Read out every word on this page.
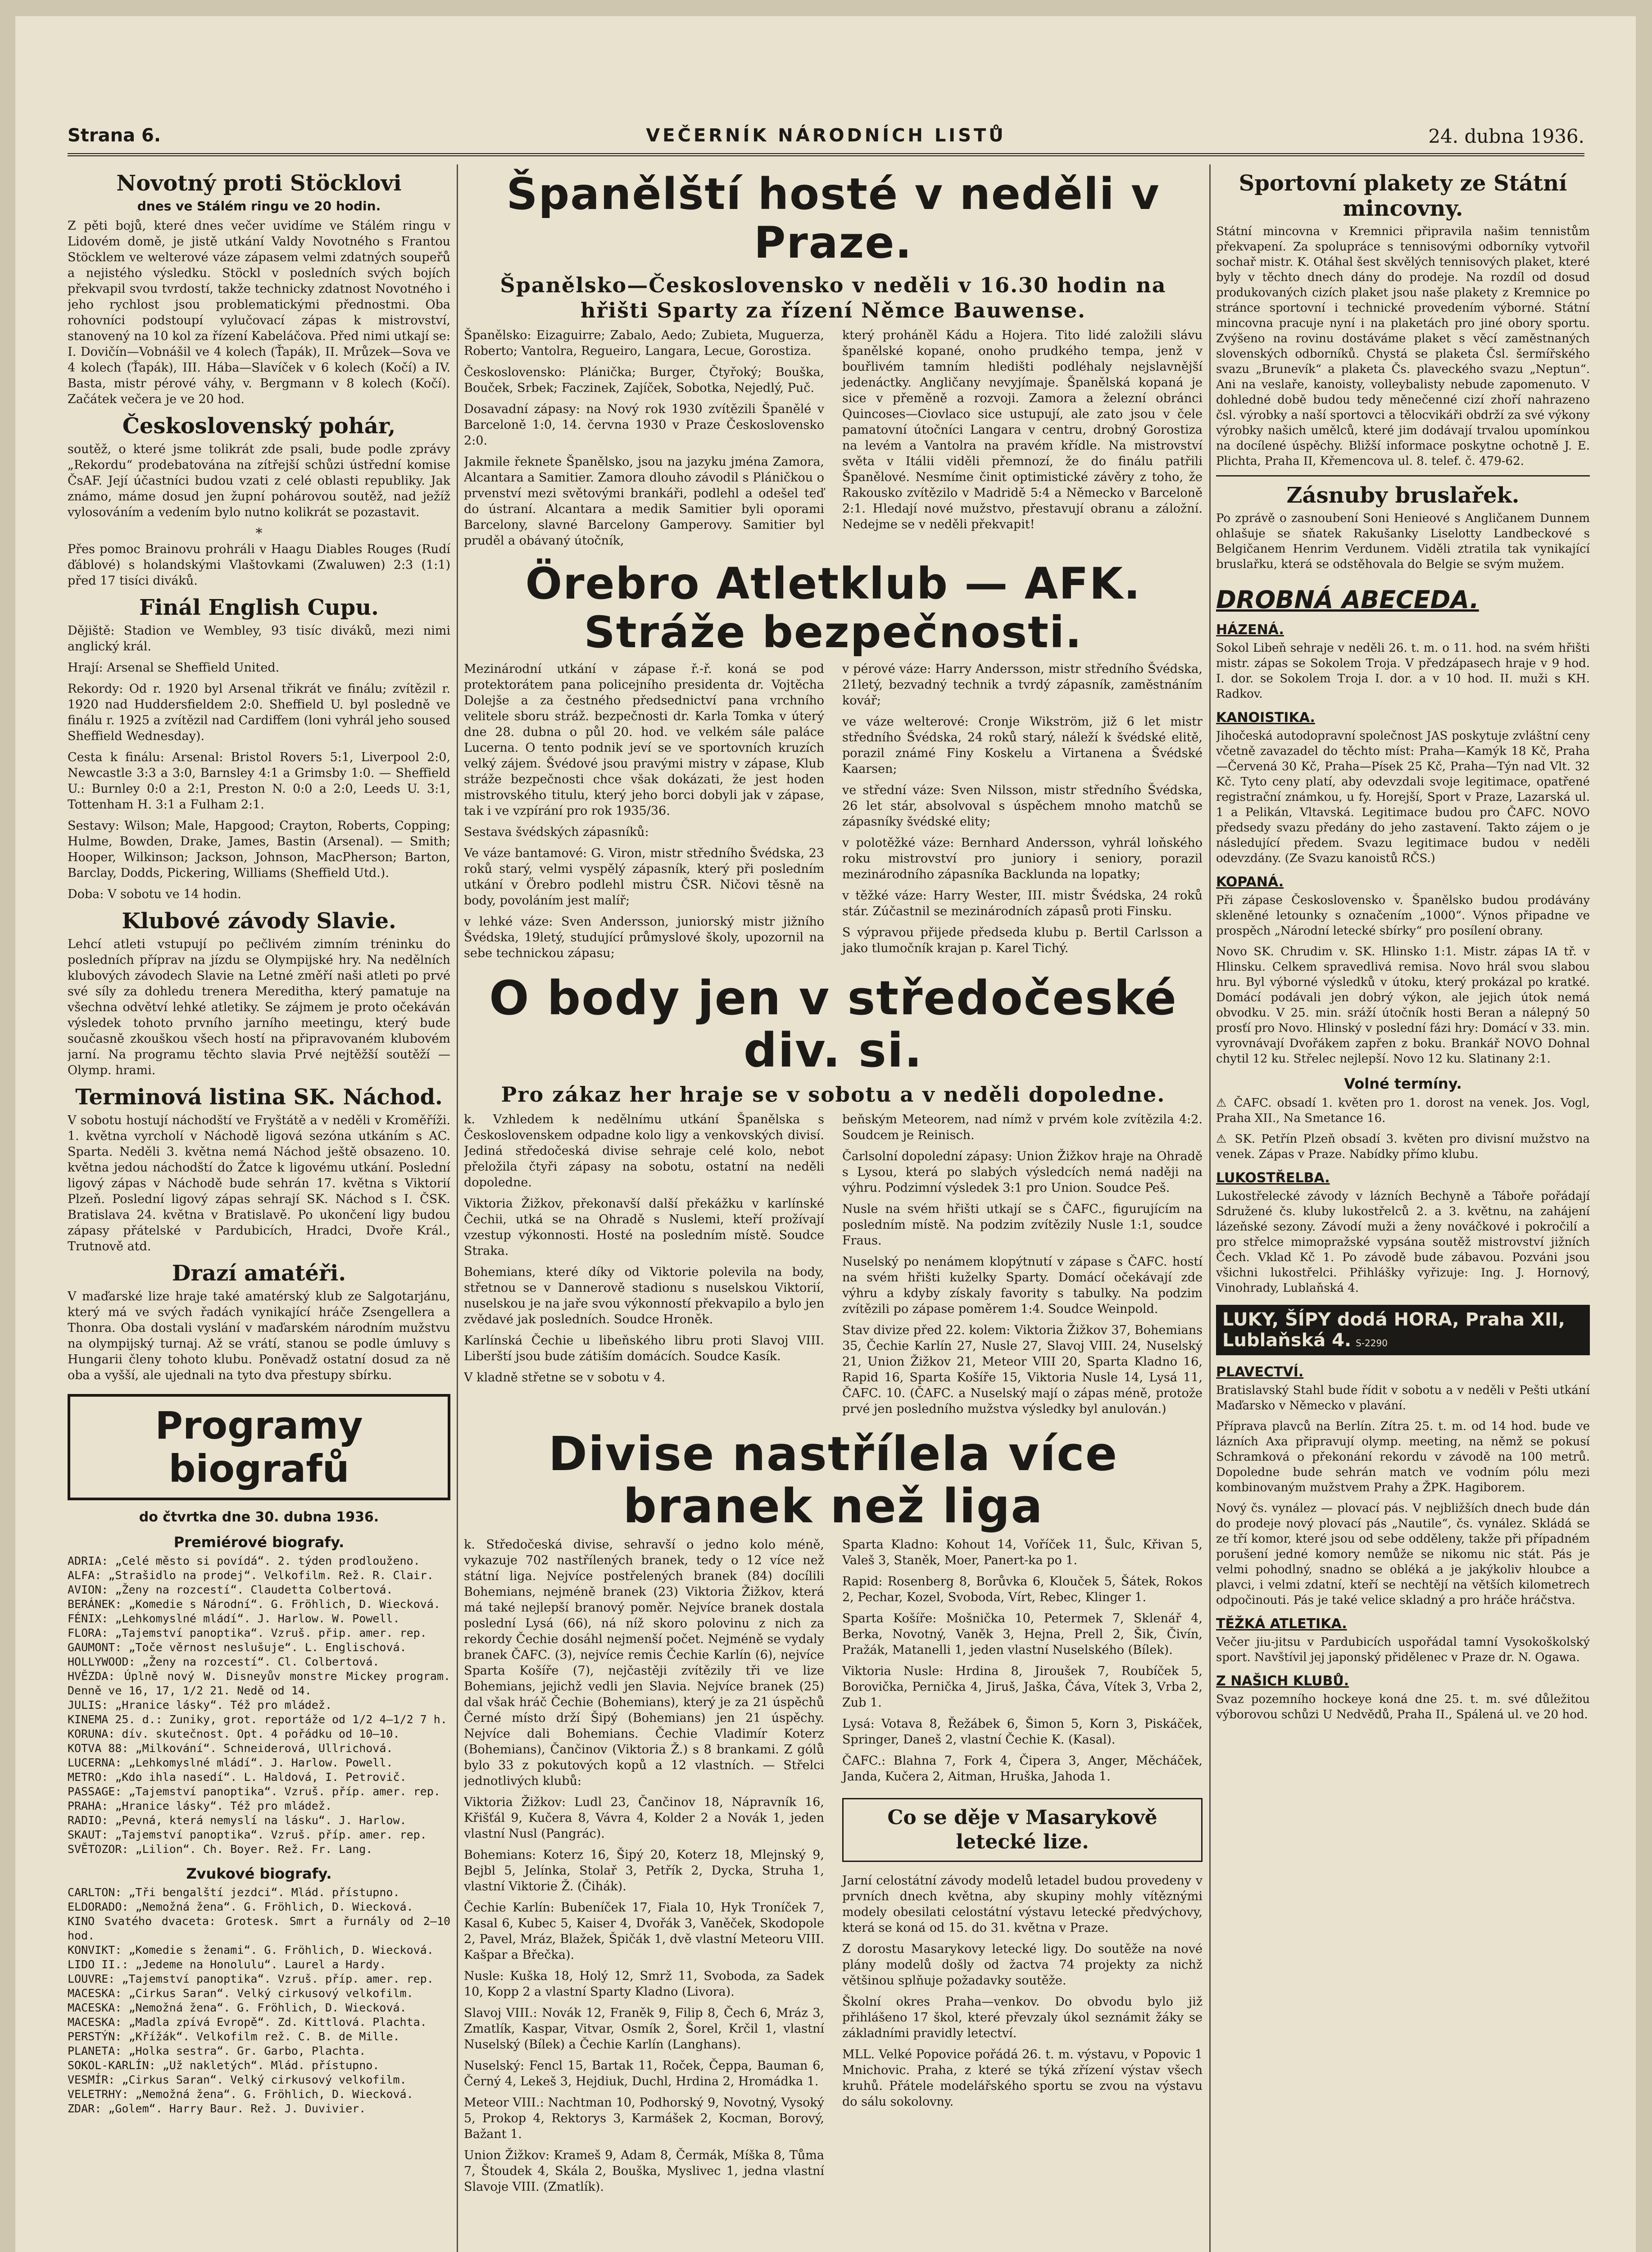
Strana 6.	VEČERNÍK NÁRODNÍCH LISTŮ	24. dubna 1936.
Novotný proti Stöcklovi
dnes ve Stálém ringu ve 20 hodin.

Z pěti bojů, které dnes večer uvidíme ve Stálém ringu v Lidovém domě, je jistě utkání Valdy Novotného s Frantou Stöcklem ve welterové váze zápasem velmi zdatných soupeřů a nejistého výsledku. Stöckl v posledních svých bojích překvapil svou tvrdostí, takže technicky zdatnost Novotného i jeho rychlost jsou problematickými přednostmi. Oba rohovníci podstoupí vylučovací zápas k mistrovství, stanovený na 10 kol za řízení Kabeláčova. Před nimi utkají se: I. Dovičín—Vobnášil ve 4 kolech (Ťapák), II. Mrůzek—Sova ve 4 kolech (Ťapák), III. Hába—Slavíček v 6 kolech (Kočí) a IV. Basta, mistr pérové váhy, v. Bergmann v 8 kolech (Kočí). Začátek večera je ve 20 hod.

Československý pohár,

soutěž, o které jsme tolikrát zde psali, bude podle zprávy „Rekordu“ prodebatována na zítřejší schůzi ústřední komise ČsAF. Její účastníci budou vzati z celé oblasti republiky. Jak známo, máme dosud jen župní pohárovou soutěž, nad ježíž vylosováním a vedením bylo nutno kolikrát se pozastavit.

*

Přes pomoc Brainovu prohráli v Haagu Diables Rouges (Rudí ďáblové) s holandskými Vlaštovkami (Zwaluwen) 2:3 (1:1) před 17 tisíci diváků.

Finál English Cupu.

Dějiště: Stadion ve Wembley, 93 tisíc diváků, mezi nimi anglický král.

Hrají: Arsenal se Sheffield United.

Rekordy: Od r. 1920 byl Arsenal třikrát ve finálu; zvítězil r. 1920 nad Huddersfieldem 2:0. Sheffield U. byl posledně ve finálu r. 1925 a zvítězil nad Cardiffem (loni vyhrál jeho soused Sheffield Wednesday).

Cesta k finálu: Arsenal: Bristol Rovers 5:1, Liverpool 2:0, Newcastle 3:3 a 3:0, Barnsley 4:1 a Grimsby 1:0. — Sheffield U.: Burnley 0:0 a 2:1, Preston N. 0:0 a 2:0, Leeds U. 3:1, Tottenham H. 3:1 a Fulham 2:1.

Sestavy: Wilson; Male, Hapgood; Crayton, Roberts, Copping; Hulme, Bowden, Drake, James, Bastin (Arsenal). — Smith; Hooper, Wilkinson; Jackson, Johnson, MacPherson; Barton, Barclay, Dodds, Pickering, Williams (Sheffield Utd.).

Doba: V sobotu ve 14 hodin.

Klubové závody Slavie.

Lehcí atleti vstupují po pečlivém zimním tréninku do posledních příprav na jízdu se Olympijské hry. Na nedělních klubových závodech Slavie na Letné změří naši atleti po prvé své síly za dohledu trenera Meredithа, který pamatuje na všechna odvětví lehké atletiky. Se zájmem je proto očekáván výsledek tohoto prvního jarního meetingu, který bude současně zkouškou všech hostí na připravovaném klubovém jarní. Na programu těchto slavia Prvé nejtěžší soutěží — Olymp. hrami.

Terminová listina SK. Náchod.

V sobotu hostují náchodští ve Fryštátě a v neděli v Kroměříži. 1. května vyrcholí v Náchodě ligová sezóna utkáním s AC. Sparta. Neděli 3. května nemá Náchod ještě obsazeno. 10. května jedou náchodští do Žatce k ligovému utkání. Poslední ligový zápas v Náchodě bude sehrán 17. května s Viktorií Plzeň. Poslední ligový zápas sehrají SK. Náchod s I. ČSK. Bratislava 24. května v Bratislavě. Po ukončení ligy budou zápasy přátelské v Pardubicích, Hradci, Dvoře Král., Trutnově atd.

Drazí amatéři.

V maďarské lize hraje také amatérský klub ze Salgotarjánu, který má ve svých řadách vynikající hráče Zsengellera a Thonra. Oba dostali vyslání v maďarském národním mužstvu na olympijský turnaj. Až se vrátí, stanou se podle úmluvy s Hungarii členy tohoto klubu. Poněvadž ostatní dosud za ně oba a vyšší, ale ujednali na tyto dva přestupy sbírku.

Programy biografů
do čtvrtka dne 30. dubna 1936.
Premiérové biografy.

ADRIA: „Celé město si povídá“. 2. týden prodlouženo.

ALFA: „Strašidlo na prodej“. Velkofilm. Rež. R. Clair.

AVION: „Ženy na rozcestí“. Claudetta Colbertová.

BERÁNEK: „Komedie s Národní“. G. Fröhlich, D. Wiecková.

FÉNIX: „Lehkomyslné mládí“. J. Harlow. W. Powell.

FLORA: „Tajemství panoptika“. Vzruš. přip. amer. rep.

GAUMONT: „Toče věrnost neslušuje“. L. Englischová.

HOLLYWOOD: „Ženy na rozcestí“. Cl. Colbertová.

HVĚZDA: Úplně nový W. Disneyův monstre Mickey program. Denně ve 16, 17, 1/2 21. Nedě od 14.

JULIS: „Hranice lásky“. Též pro mládež.

KINEMA 25. d.: Zuniky, grot. reportáže od 1/2 4—1/2 7 h.

KORUNA: dív. skutečnost. Opt. 4 pořádku od 10—10.

KOTVA 88: „Milkování“. Schneiderová, Ullrichová.

LUCERNA: „Lehkomyslné mládí“. J. Harlow. Powell.

METRO: „Kdo ihla nasedí“. L. Haldová, I. Petrovič.

PASSAGE: „Tajemství panoptika“. Vzruš. příp. amer. rep.

PRAHA: „Hranice lásky“. Též pro mládež.

RADIO: „Pevná, která nemyslí na lásku“. J. Harlow.

SKAUT: „Tajemství panoptika“. Vzruš. příp. amer. rep.

SVĚTOZOR: „Lilion“. Ch. Boyer. Rež. Fr. Lang.

Zvukové biografy.

CARLTON: „Tři bengalští jezdci“. Mlád. přístupno.

ELDORADO: „Nemožná žena“. G. Fröhlich, D. Wiecková.

KINO Svatého dvaceta: Grotesk. Smrt a řurnály od 2—10 hod.

KONVIKT: „Komedie s ženami“. G. Fröhlich, D. Wiecková.

LIDO II.: „Jedeme na Honolulu“. Laurel a Hardy.

LOUVRE: „Tajemství panoptika“. Vzruš. příp. amer. rep.

MACESKA: „Cirkus Saran“. Velký cirkusový velkofilm.

MACESKA: „Nemožná žena“. G. Fröhlich, D. Wiecková.

MACESKA: „Madla zpívá Evropě“. Zd. Kittlová. Plachta.

PERSTÝN: „Křížák“. Velkofilm rež. C. B. de Mille.

PLANETA: „Holka sestra“. Gr. Garbo, Plachta.

SOKOL-KARLÍN: „Už nakletých“. Mlád. přístupno.

VESMÍR: „Cirkus Saran“. Velký cirkusový velkofilm.

VELETRHY: „Nemožná žena“. G. Fröhlich, D. Wiecková.

ZDAR: „Golem“. Harry Baur. Rež. J. Duvivier.

Španělští hosté v neděli v Praze.
Španělsko—Československo v neděli v 16.30 hodin na hřišti Sparty za řízení Němce Bauwense.

Španělsko: Eizaguirre; Zabalo, Aedo; Zubieta, Muguerza, Roberto; Vantolra, Regueiro, Langara, Lecue, Gorostiza.

Československo: Plánička; Burger, Čtyřoký; Bouška, Bouček, Srbek; Faczinek, Zajíček, Sobotka, Nejedlý, Puč.

Dosavadní zápasy: na Nový rok 1930 zvítězili Španělé v Barceloně 1:0, 14. června 1930 v Praze Československo 2:0.

Jakmile řeknete Španělsko, jsou na jazyku jména Zamora, Alcantara a Samitier. Zamora dlouho závodil s Pláničkou o prvenství mezi světovými brankáři, podlehl a odešel teď do ústraní. Alcantara a medik Samitier byli oporami Barcelony, slavné Barcelony Gamperovy. Samitier byl pruděl a obávaný útočník,

který proháněl Kádu a Hojera. Tito lidé založili slávu španělské kopané, onoho prudkého tempa, jenž v bouřlivém tamním hledišti podléhaly nejslavnější jedenáctky. Angličany nevyjímaje. Španělská kopaná je sice v přeměně a rozvoji. Zamora a železní obránci Quincoses—Ciovlaco sice ustupují, ale zato jsou v čele pamatovní útočníci Langara v centru, drobný Gorostiza na levém a Vantolra na pravém křídle. Na mistrovství světa v Itálii viděli přemnozí, že do finálu patřili Španělové. Nesmíme činit optimistické závěry z toho, že Rakousko zvítězilo v Madridě 5:4 a Německo v Barceloně 2:1. Hledají nové mužstvo, přestavují obranu a záložní. Nedejme se v neděli překvapit!

Örebro Atletklub — AFK. Stráže bezpečnosti.

Mezinárodní utkání v zápase ř.-ř. koná se pod protektorátem pana policejního presidenta dr. Vojtěcha Dolejše a za čestného předsednictví pana vrchního velitele sboru stráž. bezpečnosti dr. Karla Tomka v úterý dne 28. dubna o půl 20. hod. ve velkém sále paláce Lucerna. O tento podnik jeví se ve sportovních kruzích velký zájem. Švédové jsou pravými mistry v zápase, Klub stráže bezpečnosti chce však dokázati, že jest hoden mistrovského titulu, který jeho borci dobyli jak v zápase, tak i ve vzpírání pro rok 1935/36.

Sestava švédských zápasníků:

Ve váze bantamové: G. Viron, mistr středního Švédska, 23 roků starý, velmi vyspělý zápasník, který při posledním utkání v Örebro podlehl mistru ČSR. Ničovi těsně na body, povoláním jest malíř;

v lehké váze: Sven Andersson, juniorský mistr jižního Švédska, 19letý, studující průmyslové školy, upozornil na sebe technickou zápasu;

v pérové váze: Harry Andersson, mistr středního Švédska, 21letý, bezvadný technik a tvrdý zápasník, zaměstnáním kovář;

ve váze welterové: Cronje Wikström, již 6 let mistr středního Švédska, 24 roků starý, náleží k švédské elitě, porazil známé Finy Koskelu a Virtanena a Švédské Kaarsen;

ve střední váze: Sven Nilsson, mistr středního Švédska, 26 let stár, absolvoval s úspěchem mnoho matchů se zápasníky švédské elity;

v polotěžké váze: Bernhard Andersson, vyhrál loňského roku mistrovství pro juniory i seniory, porazil mezinárodního zápasníka Backlunda na lopatky;

v těžké váze: Harry Wester, III. mistr Švédska, 24 roků stár. Zúčastnil se mezinárodních zápasů proti Finsku.

S výpravou přijede předseda klubu p. Bertil Carlsson a jako tlumočník krajan p. Karel Tichý.

O body jen v středočeské div. si.
Pro zákaz her hraje se v sobotu a v neděli dopoledne.

k. Vzhledem k nedělnímu utkání Španělska s Československem odpadne kolo ligy a venkovských divisí. Jediná středočeská divise sehraje celé kolo, nebot přeložila čtyři zápasy na sobotu, ostatní na neděli dopoledne.

Viktoria Žižkov, překonavší další překážku v karlínské Čechii, utká se na Ohradě s Nuslemi, kteří prožívají vzestup výkonnosti. Hosté na posledním místě. Soudce Straka.

Bohemians, které díky od Viktorie polevila na body, střetnou se v Dannerově stadionu s nuselskou Viktorií, nuselskou je na jaře svou výkonností překvapilo a bylo jen zvědavé jak posledních. Soudce Hroněk.

Karlínská Čechie u libeňského libru proti Slavoj VIII. Liberští jsou bude zátiším domácích. Soudce Kasík.

V kladně střetne se v sobotu v 4.

beňským Meteorem, nad nímž v prvém kole zvítězila 4:2. Soudcem je Reinisch.

Čarlsolní dopolední zápasy: Union Žižkov hraje na Ohradě s Lysou, která po slabých výsledcích nemá naději na výhru. Podzimní výsledek 3:1 pro Union. Soudce Peš.

Nusle na svém hřišti utkají se s ČAFC., figurujícím na posledním místě. Na podzim zvítězily Nusle 1:1, soudce Fraus.

Nuselský po nenámem klopýtnutí v zápase s ČAFC. hostí na svém hřišti kuželky Sparty. Domácí očekávají zde výhru a kdyby získaly favority s tabulky. Na podzim zvítězili po zápase poměrem 1:4. Soudce Weinpold.

Stav divize před 22. kolem: Viktoria Žižkov 37, Bohemians 35, Čechie Karlín 27, Nusle 27, Slavoj VIII. 24, Nuselský 21, Union Žižkov 21, Meteor VIII 20, Sparta Kladno 16, Rapid 16, Sparta Košíře 15, Viktoria Nusle 14, Lysá 11, ČAFC. 10. (ČAFC. a Nuselský mají o zápas méně, protože prvé jen posledního mužstva výsledky byl anulován.)

Divise nastřílela více branek než liga

k. Středočeská divise, sehravší o jedno kolo méně, vykazuje 702 nastřílených branek, tedy o 12 více než státní liga. Nejvíce postřelených branek (84) docílili Bohemians, nejméně branek (23) Viktoria Žižkov, která má také nejlepší branový poměr. Nejvíce branek dostala poslední Lysá (66), ná níž skoro polovinu z nich za rekordy Čechie dosáhl nejmenší počet. Nejméně se vydaly branek ČAFC. (3), nejvíce remis Čechie Karlín (6), nejvíce Sparta Košíře (7), nejčastěji zvítězily tři ve lize Bohemians, jejichž vedli jen Slavia. Nejvíce branek (25) dal však hráč Čechie (Bohemians), který je za 21 úspěchů Černé místo drží Šipý (Bohemians) jen 21 úspěchy. Nejvíce dali Bohemians. Čechie Vladimír Koterz (Bohemians), Čančinov (Viktoria Ž.) s 8 brankami. Z gólů bylo 33 z pokutových kopů a 12 vlastních. — Střelci jednotlivých klubů:

Viktoria Žižkov: Ludl 23, Čančinov 18, Nápravník 16, Křišťál 9, Kučera 8, Vávra 4, Kolder 2 a Novák 1, jeden vlastní Nusl (Pangrác).

Bohemians: Koterz 16, Šipý 20, Koterz 18, Mlejnský 9, Bejbl 5, Jelínka, Stolař 3, Petřík 2, Dycka, Struha 1, vlastní Viktorie Ž. (Čihák).

Čechie Karlín: Bubeníček 17, Fiala 10, Hyk Troníček 7, Kasal 6, Kubec 5, Kaiser 4, Dvořák 3, Vaněček, Skodopole 2, Pavel, Mráz, Blažek, Špičák 1, dvě vlastní Meteoru VIII. Kašpar a Břečka).

Nusle: Kuška 18, Holý 12, Smrž 11, Svoboda, za Sadek 10, Kopp 2 a vlastní Sparty Kladno (Livora).

Slavoj VIII.: Novák 12, Franěk 9, Filip 8, Čech 6, Mráz 3, Zmatlík, Kaspar, Vitvar, Osmík 2, Šorel, Krčil 1, vlastní Nuselský (Bílek) a Čechie Karlín (Langhans).

Nuselský: Fencl 15, Bartak 11, Roček, Čeppa, Bauman 6, Černý 4, Lekeš 3, Hejdiuk, Duchl, Hrdina 2, Hromádka 1.

Meteor VIII.: Nachtman 10, Podhorský 9, Novotný, Vysoký 5, Prokop 4, Rektorys 3, Karmášek 2, Kocman, Borový, Bažant 1.

Union Žižkov: Krameš 9, Adam 8, Čermák, Míška 8, Tůma 7, Štoudek 4, Skála 2, Bouška, Myslivec 1, jedna vlastní Slavoje VIII. (Zmatlík).

Sparta Kladno: Kohout 14, Voříček 11, Šulc, Křivan 5, Valeš 3, Staněk, Moer, Panert-ka po 1.

Rapid: Rosenberg 8, Borůvka 6, Klouček 5, Šátek, Rokos 2, Pechar, Kozel, Svoboda, Vírt, Rebec, Klinger 1.

Sparta Košíře: Mošnička 10, Petermek 7, Sklenář 4, Berka, Novotný, Vaněk 3, Hejna, Prell 2, Šik, Čivín, Pražák, Matanelli 1, jeden vlastní Nuselského (Bílek).

Viktoria Nusle: Hrdina 8, Jiroušek 7, Roubíček 5, Borovička, Pernička 4, Jiruš, Jaška, Čáva, Vítek 3, Vrba 2, Zub 1.

Lysá: Votava 8, Řežábek 6, Šimon 5, Korn 3, Piskáček, Springer, Daneš 2, vlastní Čechie K. (Kasal).

ČAFC.: Blahna 7, Fork 4, Čipera 3, Anger, Měcháček, Janda, Kučera 2, Aitman, Hruška, Jahoda 1.

Co se děje v Masarykově letecké lize.

Jarní celostátní závody modelů letadel budou provedeny v prvních dnech května, aby skupiny mohly vítěznými modely obesilati celostátní výstavu letecké předvýchovy, která se koná od 15. do 31. května v Praze.

Z dorostu Masarykovy letecké ligy. Do soutěže na nové plány modelů došly od žactva 74 projekty za nichž většinou splňuje požadavky soutěže.

Školní okres Praha—venkov. Do obvodu bylo již přihlášeno 17 škol, které převzaly úkol seznámit žáky se základními pravidly letectví.

MLL. Velké Popovice pořádá 26. t. m. výstavu, v Popovic 1 Mnichovic. Praha, z které se týká zřízení výstav všech kruhů. Přátele modelářského sportu se zvou na výstavu do sálu sokolovny.

Sportovní plakety ze Státní mincovny.

Státní mincovna v Kremnici připravila našim tennistům překvapení. Za spolupráce s tennisovými odborníky vytvořil sochař mistr. K. Otáhal šest skvělých tennisových plaket, které byly v těchto dnech dány do prodeje. Na rozdíl od dosud produkovaných cizích plaket jsou naše plakety z Kremnice po stránce sportovní i technické provedením výborné. Státní mincovna pracuje nyní i na plaketách pro jiné obory sportu. Zvýšeno na rovinu dostáváme plaket s věcí zaměstnaných slovenských odborníků. Chystá se plaketa Čsl. šermířského svazu „Brunevík“ a plaketa Čs. plaveckého svazu „Neptun“. Ani na veslaře, kanoisty, volleybalisty nebude zapomenuto. V dohledné době budou tedy měnečenné cizí zhoří nahrazeno čsl. výrobky a naší sportovci a tělocvikáři obdrží za své výkony výrobky našich umělců, které jim dodávají trvalou upomínkou na docílené úspěchy. Bližší informace poskytne ochotně J. E. Plichta, Praha II, Křemencova ul. 8. telef. č. 479-62.

Zásnuby bruslařek.

Po zprávě o zasnoubení Soni Henieové s Angličanem Dunnem ohlašuje se sňatek Rakušanky Liselotty Landbeckové s Belgičanem Henrim Verdunem. Viděli ztratila tak vynikající bruslařku, která se odstěhovala do Belgie se svým mužem.

DROBNÁ ABECEDA.
HÁZENÁ.

Sokol Libeň sehraje v neděli 26. t. m. o 11. hod. na svém hřišti mistr. zápas se Sokolem Troja. V předzápasech hraje v 9 hod. I. dor. se Sokolem Troja I. dor. a v 10 hod. II. muži s KH. Radkov.

KANOISTIKA.

Jihočeská autodopravní společnost JAS poskytuje zvláštní ceny včetně zavazadel do těchto míst: Praha—Kamýk 18 Kč, Praha—Červená 30 Kč, Praha—Písek 25 Kč, Praha—Týn nad Vlt. 32 Kč. Tyto ceny platí, aby odevzdali svoje legitimace, opatřené registrační známkou, u fy. Horejší, Sport v Praze, Lazarská ul. 1 a Pelikán, Vltavská. Legitimace budou pro ČAFC. NOVO předsedy svazu předány do jeho zastavení. Takto zájem o je následující předem. Svazu legitimace budou v neděli odevzdány. (Ze Svazu kanoistů RČS.)

KOPANÁ.

Při zápase Československo v. Španělsko budou prodávány skleněné letounky s označením „1000“. Výnos připadne ve prospěch „Národní letecké sbírky“ pro posílení obrany.

Novo SK. Chrudim v. SK. Hlinsko 1:1. Mistr. zápas IA tř. v Hlinsku. Celkem spravedlivá remisa. Novo hrál svou slabou hru. Byl výborné výsledků v útoku, který prokázal po kratké. Domácí podávali jen dobrý výkon, ale jejich útok nemá obvodku. V 25. min. sráží útočník hosti Beran a nálepný 50 prosťí pro Novo. Hlinský v poslední fázi hry: Domácí v 33. min. vyrovnávají Dvořákem zapřen z boku. Brankář NOVO Dohnal chytil 12 ku. Střelec nejlepší. Novo 12 ku. Slatinany 2:1.

Volné termíny.

⚠ ČAFC. obsadí 1. květen pro 1. dorost na venek. Jos. Vogl, Praha XII., Na Smetance 16.

⚠ SK. Petřín Plzeň obsadí 3. květen pro divisní mužstvo na venek. Zápas v Praze. Nabídky přímo klubu.

LUKOSTŘELBA.

Lukostřelecké závody v lázních Bechyně a Táboře pořádají Sdružené čs. kluby lukostřelců 2. a 3. květnu, na zahájení lázeňské sezony. Závodí muži a ženy nováčkové i pokročilí a pro střelce mimopražské vypsána soutěž mistrovství jižních Čech. Vklad Kč 1. Po závodě bude zábavou. Pozváni jsou všichni lukostřelci. Přihlášky vyřizuje: Ing. J. Hornový, Vinohrady, Lublaňská 4.

LUKY, ŠÍPY dodá HORA, Praha XII, Lublaňská 4. S-2290
PLAVECTVÍ.

Bratislavský Stahl bude řídit v sobotu a v neděli v Pešti utkání Maďarsko v Německo v plavání.

Příprava plavců na Berlín. Zítra 25. t. m. od 14 hod. bude ve lázních Axa připravují olymp. meeting, na němž se pokusí Schramková o překonání rekordu v závodě na 100 metrů. Dopoledne bude sehrán match ve vodním pólu mezi kombinovaným mužstvem Prahy a ŽPK. Hagiborem.

Nový čs. vynález — plovací pás. V nejbližších dnech bude dán do prodeje nový plovací pás „Nautile“, čs. vynález. Skládá se ze tří komor, které jsou od sebe odděleny, takže při případném porušení jedné komory nemůže se nikomu nic stát. Pás je velmi pohodlný, snadno se obléká a je jakýkoliv hloubce a plavci, i velmi zdatní, kteří se nechtějí na větších kilometrech odpočinouti. Pás je také velice skladný a pro hráče hráčstva.

TĚŽKÁ ATLETIKA.

Večer jiu-jitsu v Pardubicích uspořádal tamní Vysokoškolský sport. Navštívil jej japonský přidělenec v Praze dr. N. Ogawa.

Z NAŠICH KLUBŮ.

Svaz pozemního hockeye koná dne 25. t. m. své důležitou výborovou schůzi U Nedvědů, Praha II., Spálená ul. ve 20 hod.
